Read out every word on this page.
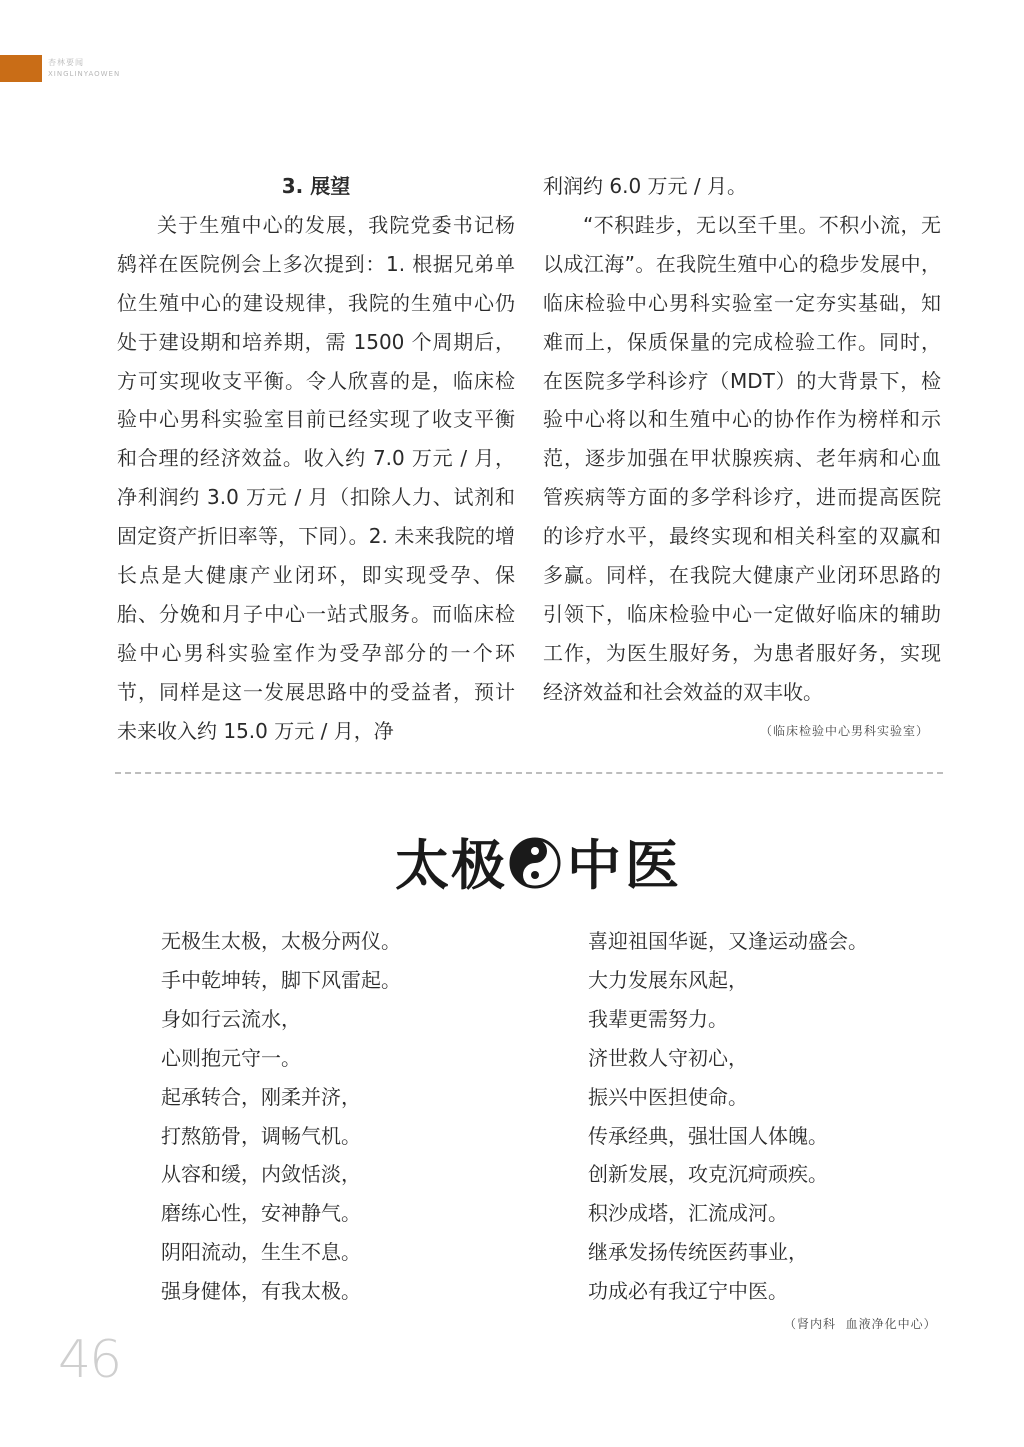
杏林要闻
XINGLINYAOWEN

3. 展望

关于生殖中心的发展，我院党委书记杨鸫祥在医院例会上多次提到：1. 根据兄弟单位生殖中心的建设规律，我院的生殖中心仍处于建设期和培养期，需 1500 个周期后，方可实现收支平衡。令人欣喜的是，临床检验中心男科实验室目前已经实现了收支平衡和合理的经济效益。收入约 7.0 万元 / 月，净利润约 3.0 万元 / 月（扣除人力、试剂和固定资产折旧率等，下同）。2. 未来我院的增长点是大健康产业闭环，即实现受孕、保胎、分娩和月子中心一站式服务。而临床检验中心男科实验室作为受孕部分的一个环节，同样是这一发展思路中的受益者，预计未来收入约 15.0 万元 / 月，净

利润约 6.0 万元 / 月。

“不积跬步，无以至千里。不积小流，无以成江海”。在我院生殖中心的稳步发展中，临床检验中心男科实验室一定夯实基础，知难而上，保质保量的完成检验工作。同时，在医院多学科诊疗（MDT）的大背景下，检验中心将以和生殖中心的协作作为榜样和示范，逐步加强在甲状腺疾病、老年病和心血管疾病等方面的多学科诊疗，进而提高医院的诊疗水平，最终实现和相关科室的双赢和多赢。同样，在我院大健康产业闭环思路的引领下，临床检验中心一定做好临床的辅助工作，为医生服好务，为患者服好务，实现经济效益和社会效益的双丰收。

（临床检验中心男科实验室）
太 极 中 医
无极生太极，太极分两仪。
手中乾坤转，脚下风雷起。
身如行云流水，
心则抱元守一。
起承转合，刚柔并济，
打熬筋骨，调畅气机。
从容和缓，内敛恬淡，
磨练心性，安神静气。
阴阳流动，生生不息。
强身健体，有我太极。
喜迎祖国华诞，又逢运动盛会。
大力发展东风起，
我辈更需努力。
济世救人守初心，
振兴中医担使命。
传承经典，强壮国人体魄。
创新发展，攻克沉疴顽疾。
积沙成塔，汇流成河。
继承发扬传统医药事业，
功成必有我辽宁中医。
（肾内科  血液净化中心）
46
